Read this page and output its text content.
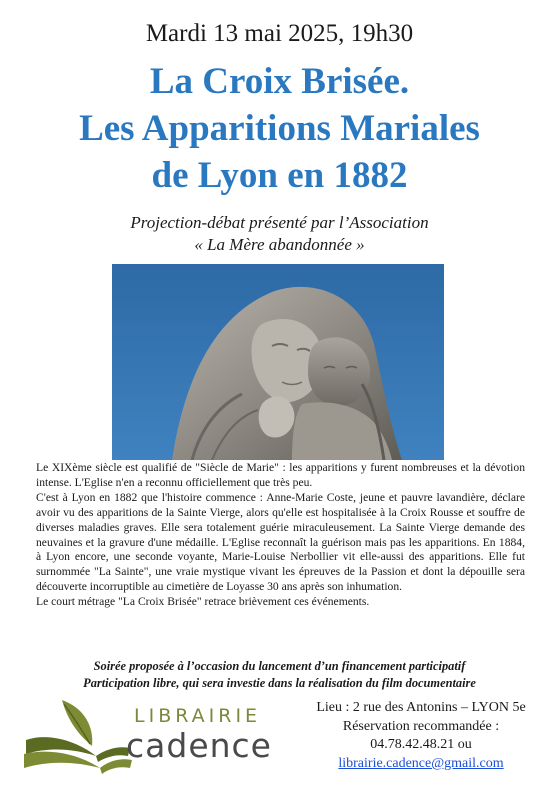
Mardi 13 mai 2025, 19h30
La Croix Brisée.
Les Apparitions Mariales
de Lyon en 1882
Projection-débat présenté par l’Association
« La Mère abandonnée »

Le XIXème siècle est qualifié de "Siècle de Marie" : les apparitions y furent nombreuses et la dévotion intense. L'Eglise n'en a reconnu officiellement que très peu.

C'est à Lyon en 1882 que l'histoire commence : Anne-Marie Coste, jeune et pauvre lavandière, déclare avoir vu des apparitions de la Sainte Vierge, alors qu'elle est hospitalisée à la Croix Rousse et souffre de diverses maladies graves. Elle sera totalement guérie miraculeusement. La Sainte Vierge demande des neuvaines et la gravure d'une médaille. L'Eglise reconnaît la guérison mais pas les apparitions. En 1884, à Lyon encore, une seconde voyante, Marie-Louise Nerbollier vit elle-aussi des apparitions. Elle fut surnommée "La Sainte", une vraie mystique vivant les épreuves de la Passion et dont la dépouille sera découverte incorruptible au cimetière de Loyasse 30 ans après son inhumation.

Le court métrage "La Croix Brisée" retrace brièvement ces événements.

Soirée proposée à l’occasion du lancement d’un financement participatif
Participation libre, qui sera investie dans la réalisation du film documentaire
LIBRAIRIE
cadence
Lieu : 2 rue des Antonins – LYON 5e
Réservation recommandée :
04.78.42.48.21 ou
librairie.cadence@gmail.com
